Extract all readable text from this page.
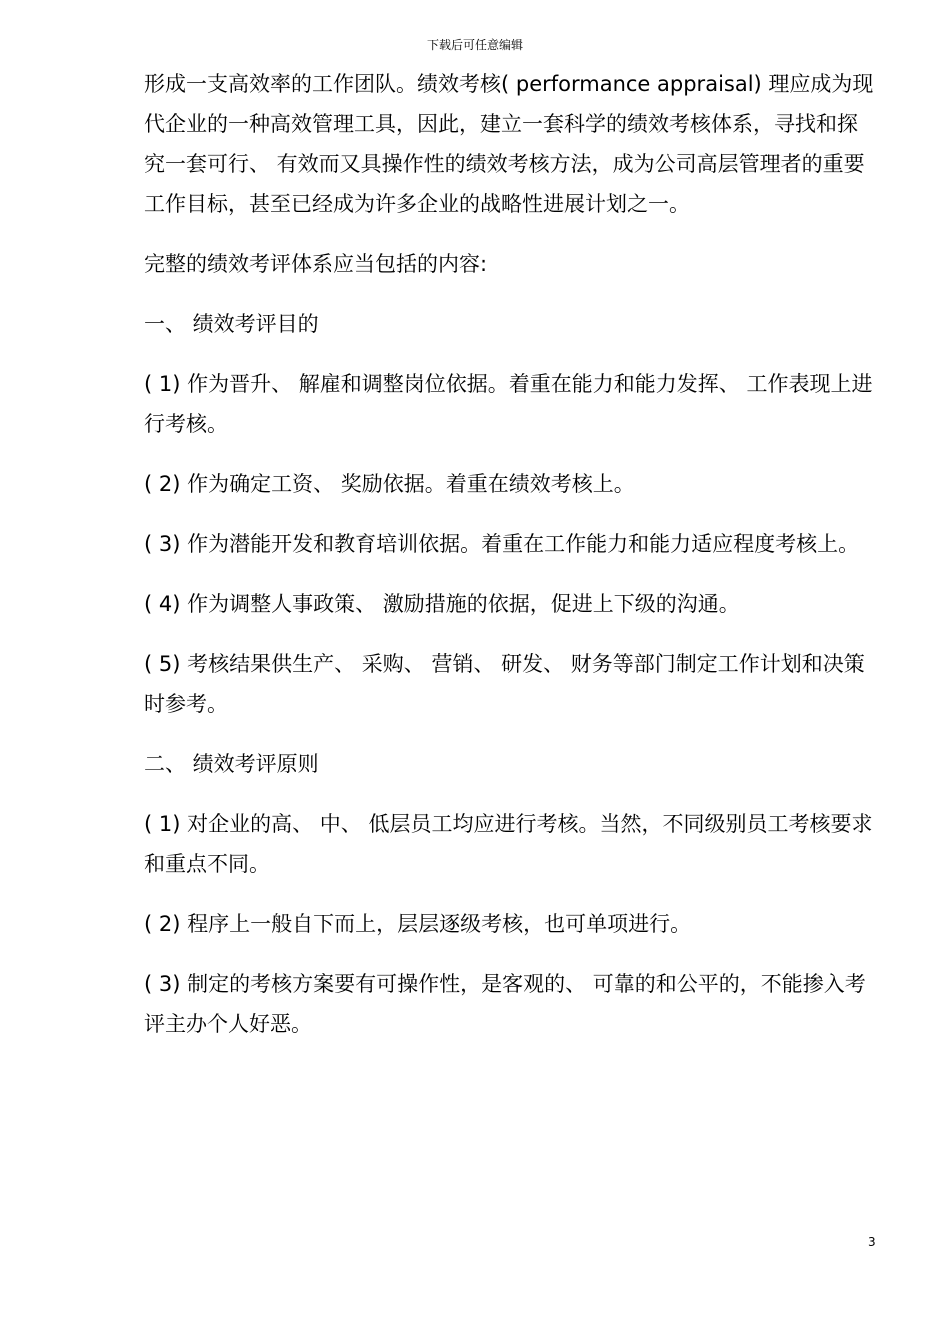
下载后可任意编辑

形成一支高效率的工作团队。绩效考核( performance appraisal) 理应成为现代企业的一种高效管理工具，因此，建立一套科学的绩效考核体系，寻找和探究一套可行、 有效而又具操作性的绩效考核方法，成为公司高层管理者的重要工作目标，甚至已经成为许多企业的战略性进展计划之一。

完整的绩效考评体系应当包括的内容:

一、 绩效考评目的

( 1) 作为晋升、 解雇和调整岗位依据。着重在能力和能力发挥、 工作表现上进行考核。

( 2) 作为确定工资、 奖励依据。着重在绩效考核上。

( 3) 作为潜能开发和教育培训依据。着重在工作能力和能力适应程度考核上。

( 4) 作为调整人事政策、 激励措施的依据，促进上下级的沟通。

( 5) 考核结果供生产、 采购、 营销、 研发、 财务等部门制定工作计划和决策时参考。

二、 绩效考评原则

( 1) 对企业的高、 中、 低层员工均应进行考核。当然，不同级别员工考核要求和重点不同。

( 2) 程序上一般自下而上，层层逐级考核，也可单项进行。

( 3) 制定的考核方案要有可操作性，是客观的、 可靠的和公平的，不能掺入考评主办个人好恶。

3
